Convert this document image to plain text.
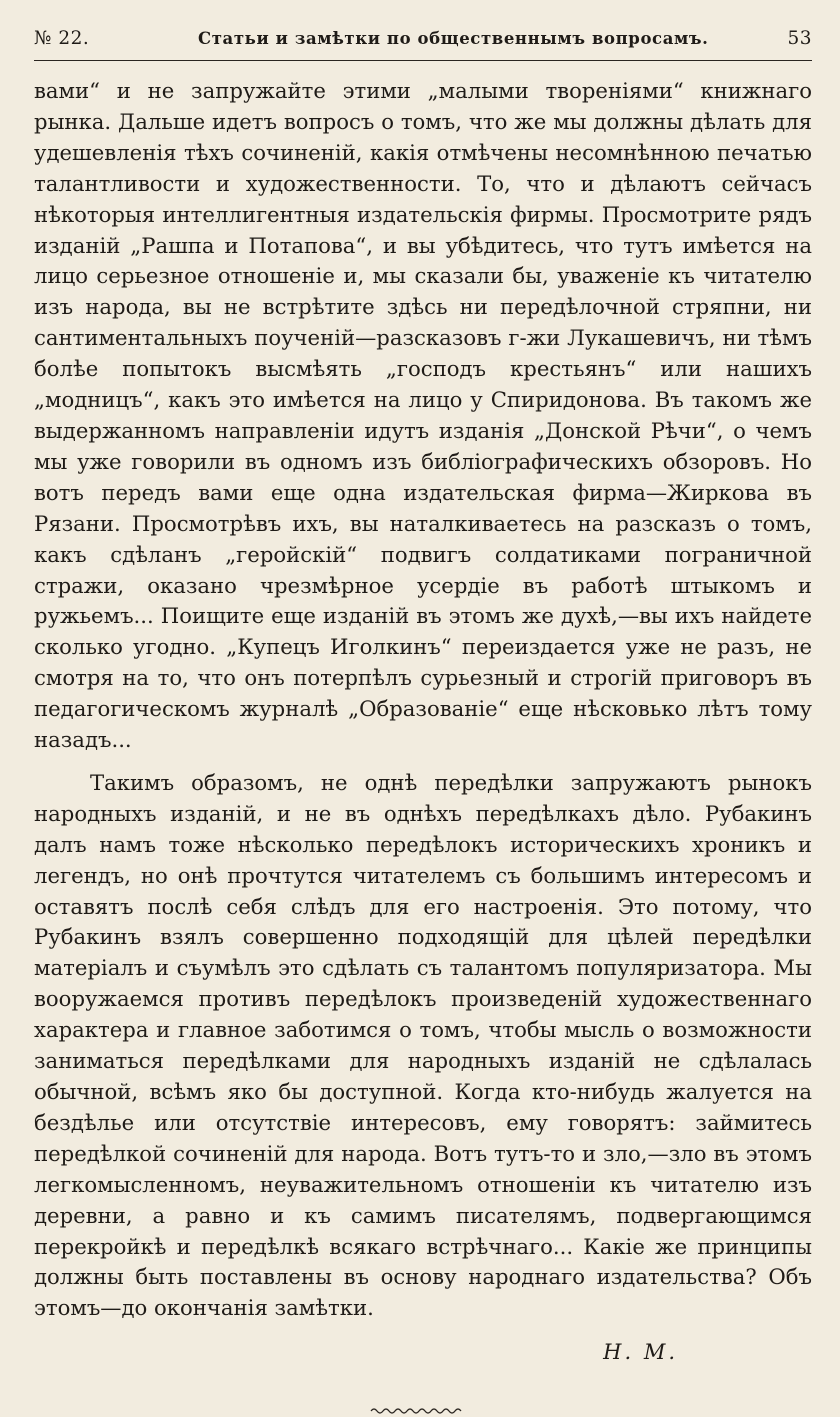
№ 22.	Статьи и замѣтки по общественнымъ вопросамъ.	53

вами“ и не запружайте этими „малыми твореніями“ книжнаго рынка. Дальше идетъ вопросъ о томъ, что же мы должны дѣлать для удешевленія тѣхъ сочиненій, какія отмѣчены несомнѣнною печатью талантливости и художественности. То, что и дѣлаютъ сейчасъ нѣкоторыя интеллигентныя издательскія фирмы. Просмотрите рядъ изданій „Рашпа и Потапова“, и вы убѣдитесь, что тутъ имѣется на лицо серьезное отношеніе и, мы сказали бы, уваженіе къ читателю изъ народа, вы не встрѣтите здѣсь ни передѣлочной стряпни, ни сантиментальныхъ поученій—разсказовъ г-жи Лукашевичъ, ни тѣмъ болѣе попытокъ высмѣять „господъ крестьянъ“ или нашихъ „модницъ“, какъ это имѣется на лицо у Спиридонова. Въ такомъ же выдержанномъ направленіи идутъ изданія „Донской Рѣчи“, о чемъ мы уже говорили въ одномъ изъ библіографическихъ обзоровъ. Но вотъ передъ вами еще одна издательская фирма—Жиркова въ Рязани. Просмотрѣвъ ихъ, вы наталкиваетесь на разсказъ о томъ, какъ сдѣланъ „геройскій“ подвигъ солдатиками пограничной стражи, оказано чрезмѣрное усердіе въ работѣ штыкомъ и ружьемъ... Поищите еще изданій въ этомъ же духѣ,—вы ихъ найдете сколько угодно. „Купецъ Иголкинъ“ переиздается уже не разъ, не смотря на то, что онъ потерпѣлъ сурьезный и строгій приговоръ въ педагогическомъ журналѣ „Образованіе“ еще нѣсковько лѣтъ тому назадъ...

Такимъ образомъ, не однѣ передѣлки запружаютъ рынокъ народныхъ изданій, и не въ однѣхъ передѣлкахъ дѣло. Рубакинъ далъ намъ тоже нѣсколько передѣлокъ историческихъ хроникъ и легендъ, но онѣ прочтутся читателемъ съ большимъ интересомъ и оставятъ послѣ себя слѣдъ для его настроенія. Это потому, что Рубакинъ взялъ совершенно подходящій для цѣлей передѣлки матеріалъ и съумѣлъ это сдѣлать съ талантомъ популяризатора. Мы вооружаемся противъ передѣлокъ произведеній художественнаго характера и главное заботимся о томъ, чтобы мысль о возможности заниматься передѣлками для народныхъ изданій не сдѣлалась обычной, всѣмъ яко бы доступной. Когда кто-нибудь жалуется на бездѣлье или отсутствіе интересовъ, ему говорятъ: займитесь передѣлкой сочиненій для народа. Вотъ тутъ-то и зло,—зло въ этомъ легкомысленномъ, неуважительномъ отношеніи къ читателю изъ деревни, а равно и къ самимъ писателямъ, подвергающимся перекройкѣ и передѣлкѣ всякаго встрѣчнаго... Какіе же принципы должны быть поставлены въ основу народнаго издательства? Объ этомъ—до окончанія замѣтки.

Н. М.
